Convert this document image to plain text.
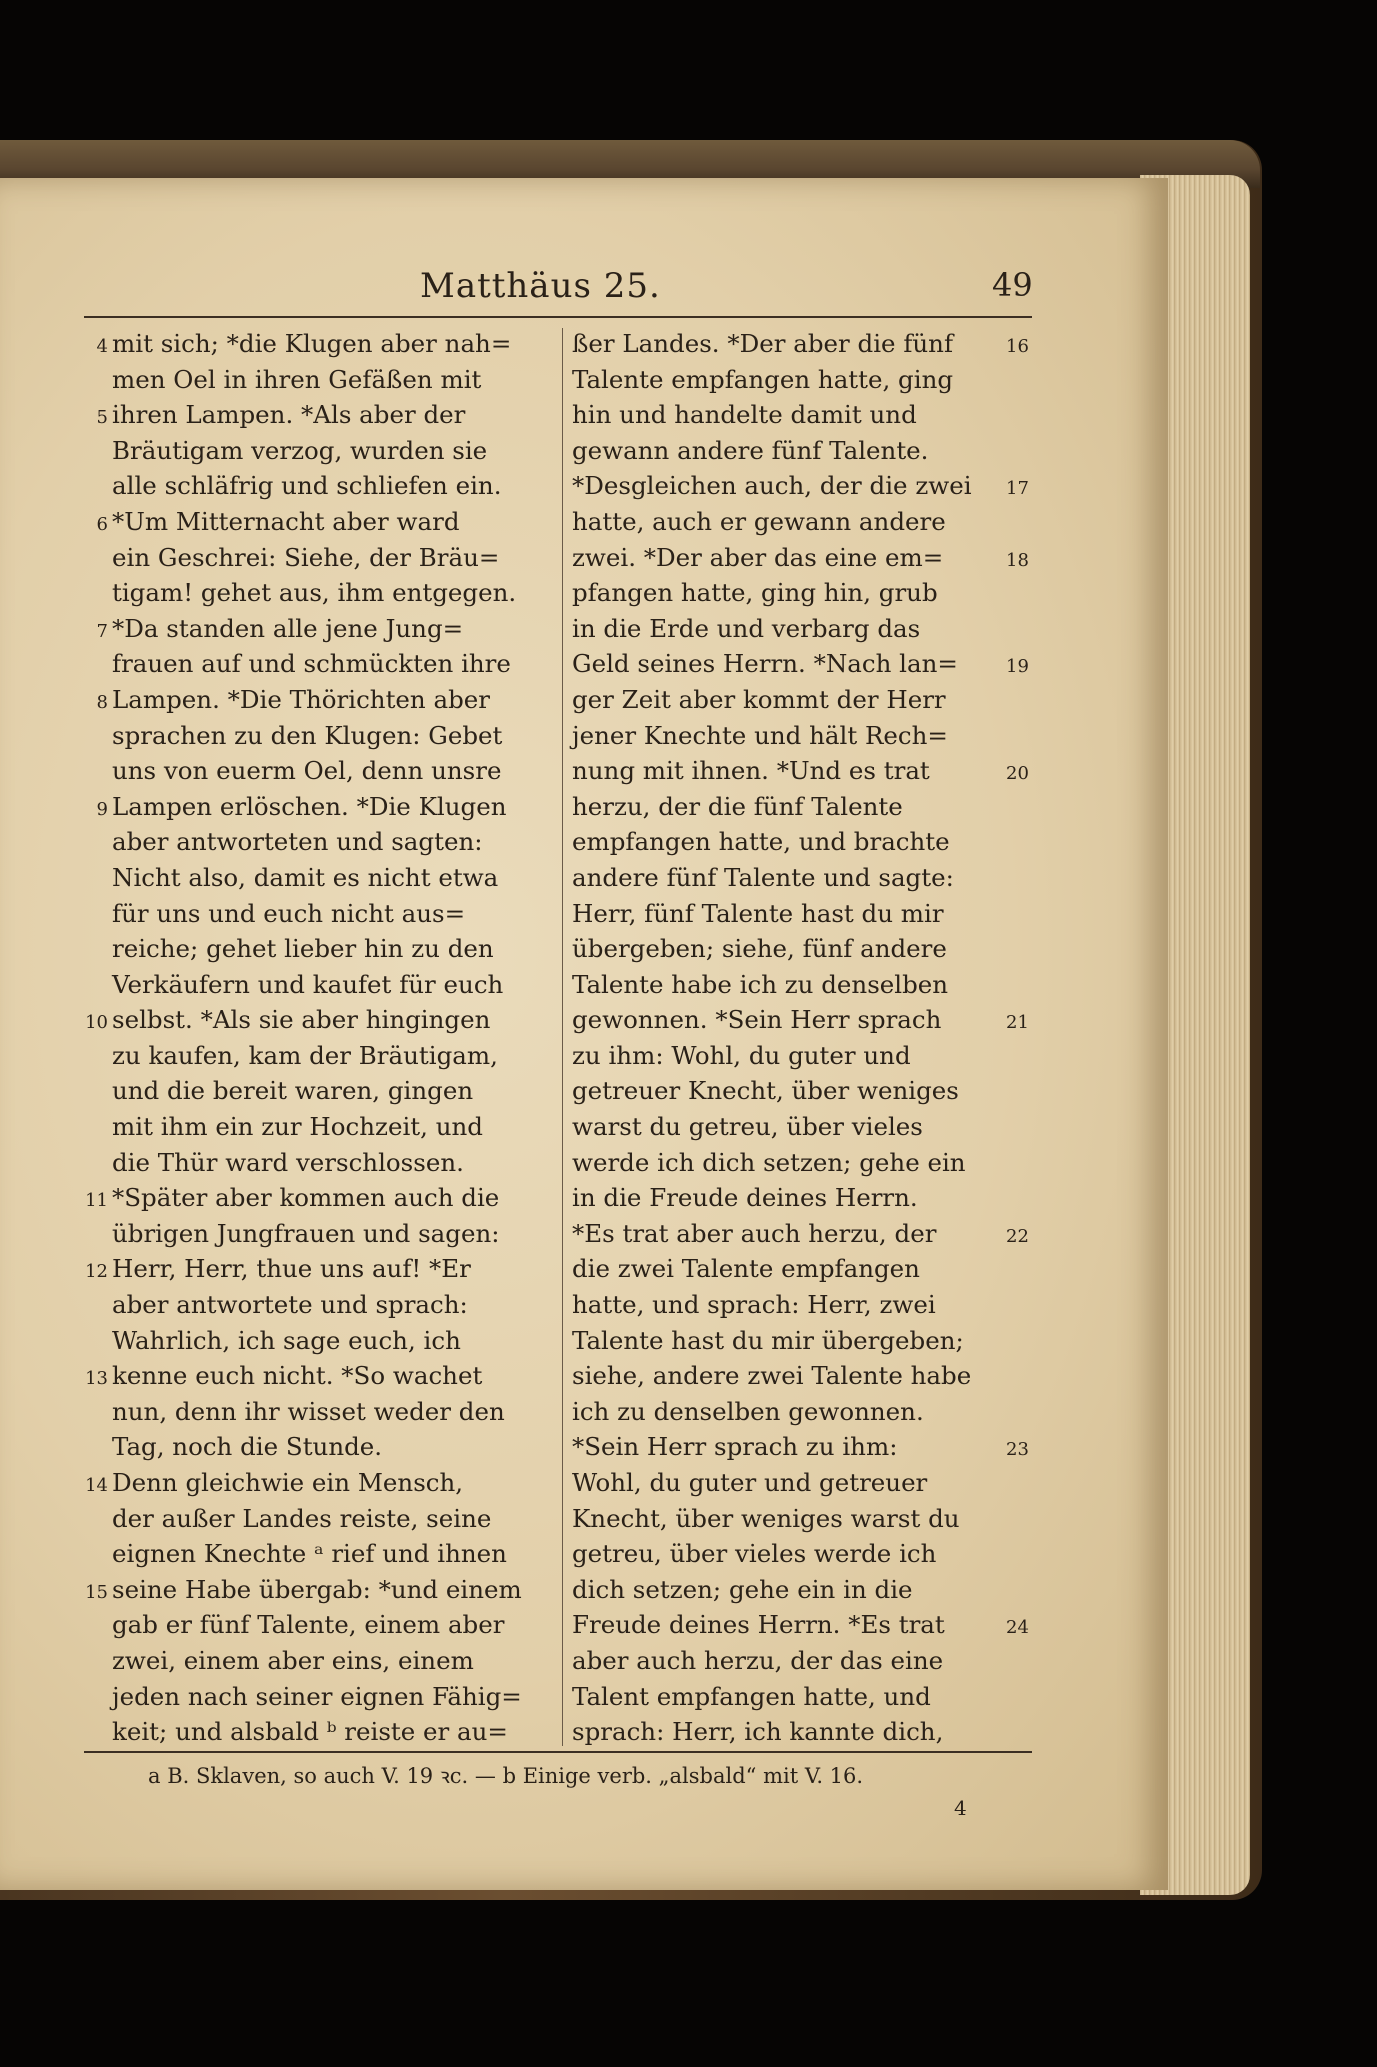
Matthäus 25.	49
4 mit sich; *die Klugen aber nah=
men Oel in ihren Gefäßen mit
5 ihren Lampen. *Als aber der
Bräutigam verzog, wurden sie
alle schläfrig und schliefen ein.
6 *Um Mitternacht aber ward
ein Geschrei: Siehe, der Bräu=
tigam! gehet aus, ihm entgegen.
7 *Da standen alle jene Jung=
frauen auf und schmückten ihre
8 Lampen. *Die Thörichten aber
sprachen zu den Klugen: Gebet
uns von euerm Oel, denn unsre
9 Lampen erlöschen. *Die Klugen
aber antworteten und sagten:
Nicht also, damit es nicht etwa
für uns und euch nicht aus=
reiche; gehet lieber hin zu den
Verkäufern und kaufet für euch
10 selbst. *Als sie aber hingingen
zu kaufen, kam der Bräutigam,
und die bereit waren, gingen
mit ihm ein zur Hochzeit, und
die Thür ward verschlossen.
11 *Später aber kommen auch die
übrigen Jungfrauen und sagen:
12 Herr, Herr, thue uns auf! *Er
aber antwortete und sprach:
Wahrlich, ich sage euch, ich
13 kenne euch nicht. *So wachet
nun, denn ihr wisset weder den
Tag, noch die Stunde.
14 Denn gleichwie ein Mensch,
der außer Landes reiste, seine
eignen Knechte ᵃ rief und ihnen
15 seine Habe übergab: *und einem
gab er fünf Talente, einem aber
zwei, einem aber eins, einem
jeden nach seiner eignen Fähig=
keit; und alsbald ᵇ reiste er au=
ßer Landes. *Der aber die fünf	16
Talente empfangen hatte, ging
hin und handelte damit und
gewann andere fünf Talente.
*Desgleichen auch, der die zwei	17
hatte, auch er gewann andere
zwei. *Der aber das eine em=	18
pfangen hatte, ging hin, grub
in die Erde und verbarg das
Geld seines Herrn. *Nach lan=	19
ger Zeit aber kommt der Herr
jener Knechte und hält Rech=
nung mit ihnen. *Und es trat	20
herzu, der die fünf Talente
empfangen hatte, und brachte
andere fünf Talente und sagte:
Herr, fünf Talente hast du mir
übergeben; siehe, fünf andere
Talente habe ich zu denselben
gewonnen. *Sein Herr sprach	21
zu ihm: Wohl, du guter und
getreuer Knecht, über weniges
warst du getreu, über vieles
werde ich dich setzen; gehe ein
in die Freude deines Herrn.
*Es trat aber auch herzu, der	22
die zwei Talente empfangen
hatte, und sprach: Herr, zwei
Talente hast du mir übergeben;
siehe, andere zwei Talente habe
ich zu denselben gewonnen.
*Sein Herr sprach zu ihm:	23
Wohl, du guter und getreuer
Knecht, über weniges warst du
getreu, über vieles werde ich
dich setzen; gehe ein in die
Freude deines Herrn. *Es trat	24
aber auch herzu, der das eine
Talent empfangen hatte, und
sprach: Herr, ich kannte dich,
a B. Sklaven, so auch V. 19 ꝛc. — b Einige verb. „alsbald“ mit V. 16.
4
